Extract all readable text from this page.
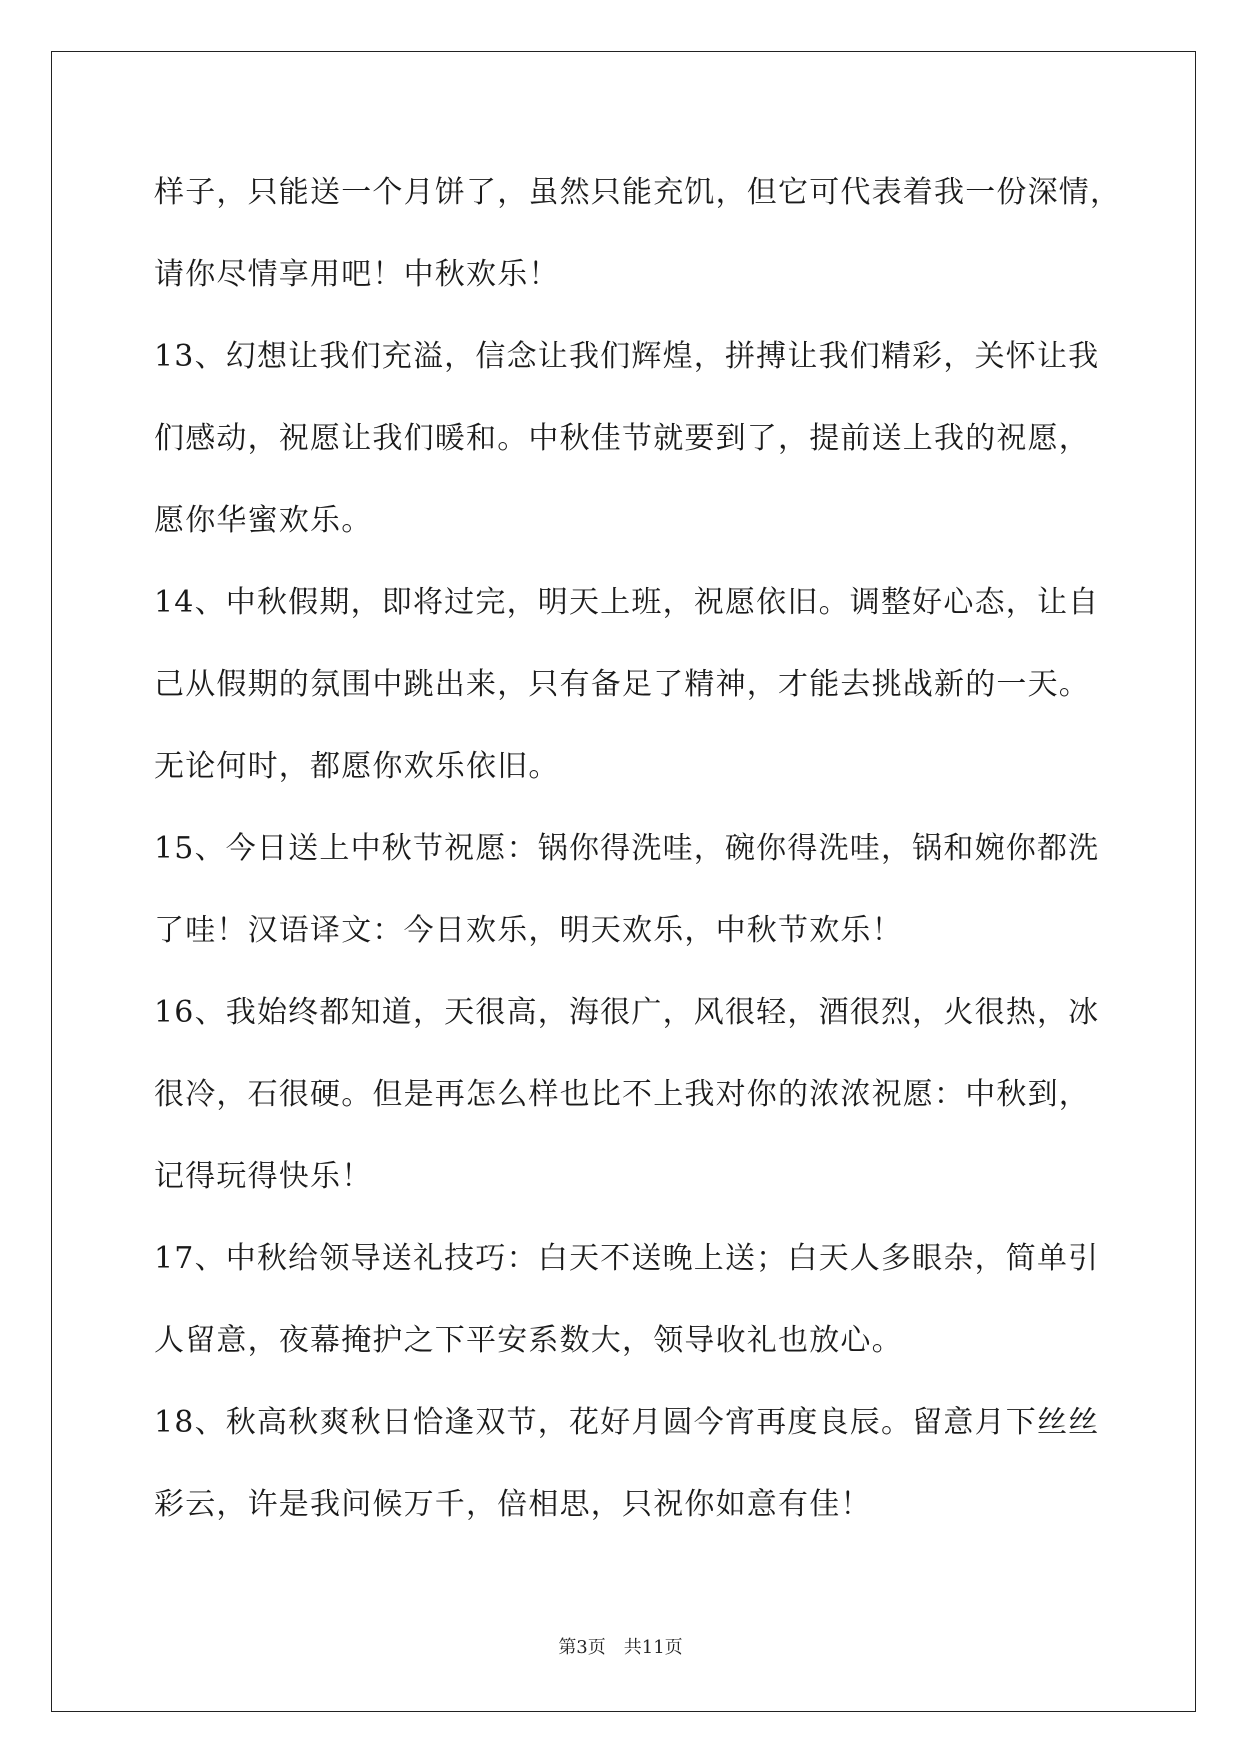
样子，只能送一个月饼了，虽然只能充饥，但它可代表着我一份深情，
请你尽情享用吧！中秋欢乐！
13、幻想让我们充溢，信念让我们辉煌，拼搏让我们精彩，关怀让我
们感动，祝愿让我们暖和。中秋佳节就要到了，提前送上我的祝愿，
愿你华蜜欢乐。
14、中秋假期，即将过完，明天上班，祝愿依旧。调整好心态，让自
己从假期的氛围中跳出来，只有备足了精神，才能去挑战新的一天。
无论何时，都愿你欢乐依旧。
15、今日送上中秋节祝愿：锅你得洗哇，碗你得洗哇，锅和婉你都洗
了哇！汉语译文：今日欢乐，明天欢乐，中秋节欢乐！
16、我始终都知道，天很高，海很广，风很轻，酒很烈，火很热，冰
很冷，石很硬。但是再怎么样也比不上我对你的浓浓祝愿：中秋到，
记得玩得快乐！
17、中秋给领导送礼技巧：白天不送晚上送；白天人多眼杂，简单引
人留意，夜幕掩护之下平安系数大，领导收礼也放心。
18、秋高秋爽秋日恰逢双节，花好月圆今宵再度良辰。留意月下丝丝
彩云，许是我问候万千，倍相思，只祝你如意有佳！
第3页　共11页
